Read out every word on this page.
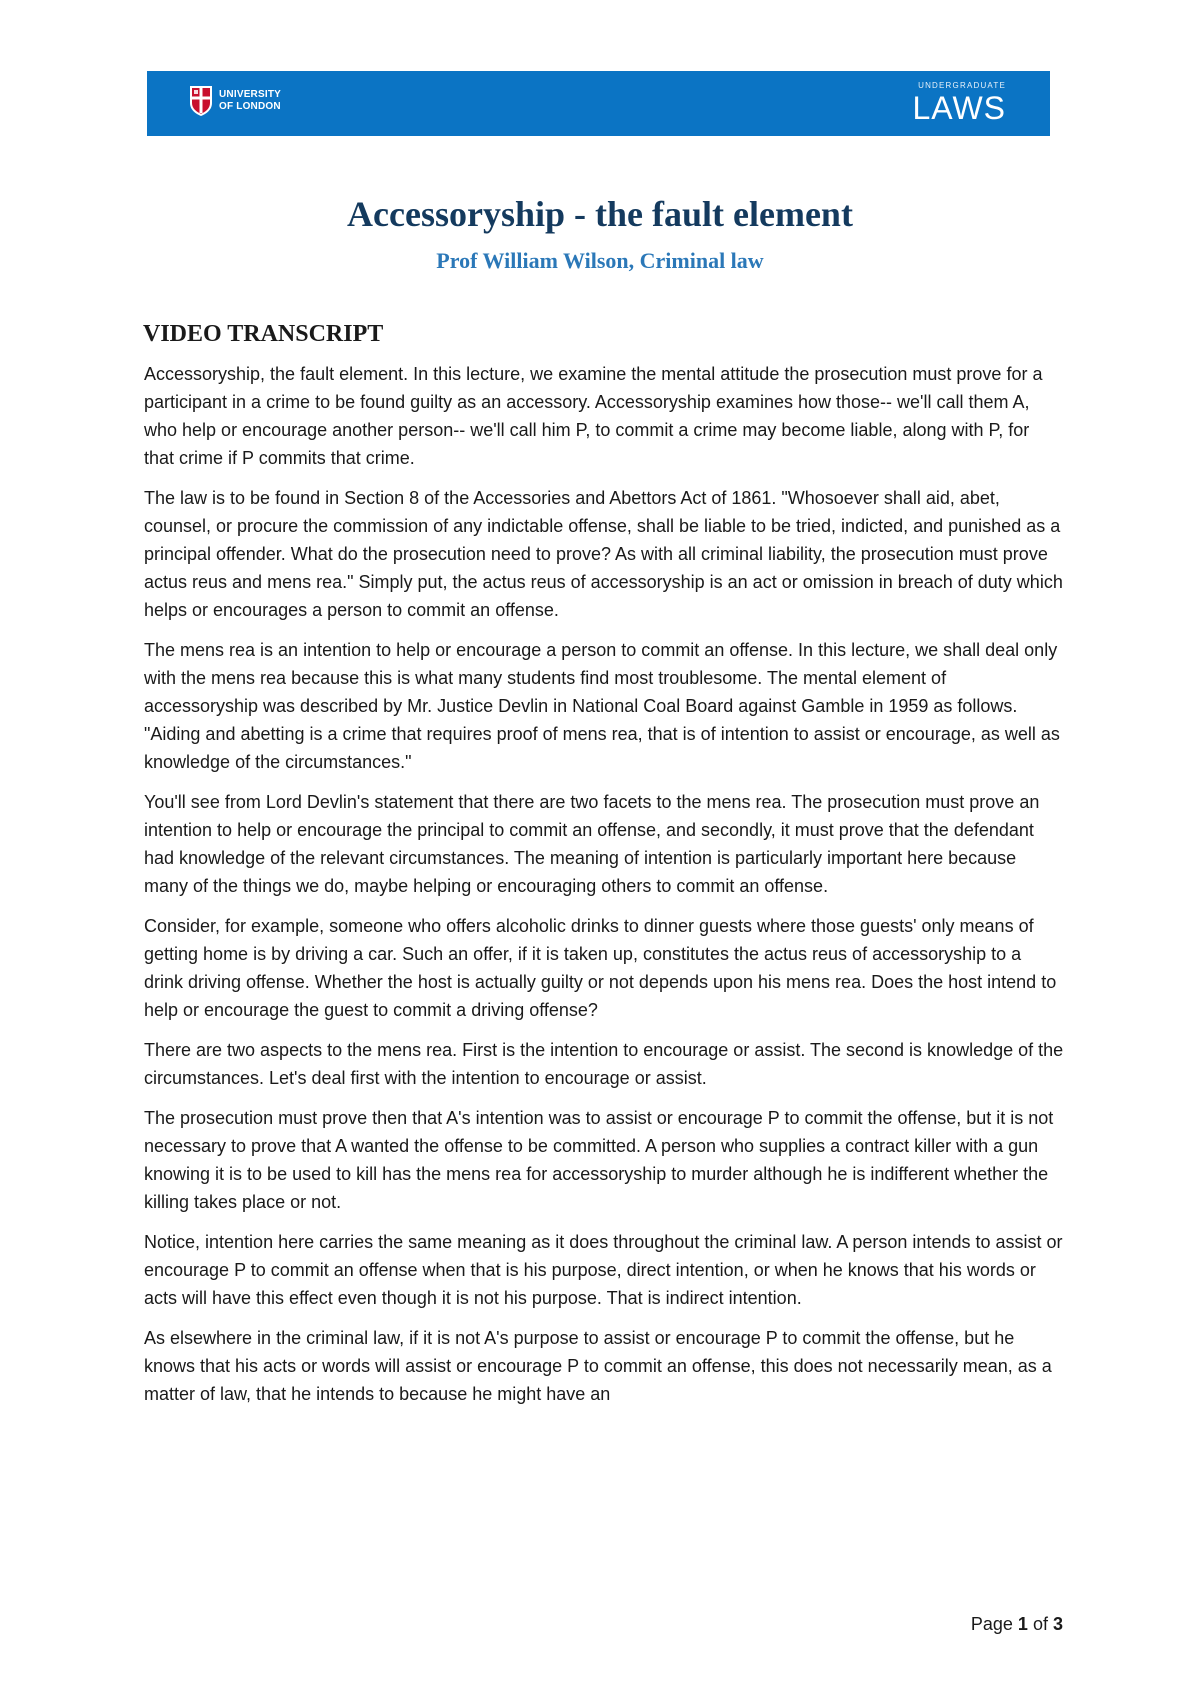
UNIVERSITY
OF LONDON
UNDERGRADUATE
LAWS
Accessoryship - the fault element
Prof William Wilson, Criminal law
VIDEO TRANSCRIPT

Accessoryship, the fault element. In this lecture, we examine the mental attitude the prosecution must prove for a participant in a crime to be found guilty as an accessory. Accessoryship examines how those-- we'll call them A, who help or encourage another person-- we'll call him P, to commit a crime may become liable, along with P, for that crime if P commits that crime.

The law is to be found in Section 8 of the Accessories and Abettors Act of 1861. "Whosoever shall aid, abet, counsel, or procure the commission of any indictable offense, shall be liable to be tried, indicted, and punished as a principal offender. What do the prosecution need to prove? As with all criminal liability, the prosecution must prove actus reus and mens rea." Simply put, the actus reus of accessoryship is an act or omission in breach of duty which helps or encourages a person to commit an offense.

The mens rea is an intention to help or encourage a person to commit an offense. In this lecture, we shall deal only with the mens rea because this is what many students find most troublesome. The mental element of accessoryship was described by Mr. Justice Devlin in National Coal Board against Gamble in 1959 as follows. "Aiding and abetting is a crime that requires proof of mens rea, that is of intention to assist or encourage, as well as knowledge of the circumstances."

You'll see from Lord Devlin's statement that there are two facets to the mens rea. The prosecution must prove an intention to help or encourage the principal to commit an offense, and secondly, it must prove that the defendant had knowledge of the relevant circumstances. The meaning of intention is particularly important here because many of the things we do, maybe helping or encouraging others to commit an offense.

Consider, for example, someone who offers alcoholic drinks to dinner guests where those guests' only means of getting home is by driving a car. Such an offer, if it is taken up, constitutes the actus reus of accessoryship to a drink driving offense. Whether the host is actually guilty or not depends upon his mens rea. Does the host intend to help or encourage the guest to commit a driving offense?

There are two aspects to the mens rea. First is the intention to encourage or assist. The second is knowledge of the circumstances. Let's deal first with the intention to encourage or assist.

The prosecution must prove then that A's intention was to assist or encourage P to commit the offense, but it is not necessary to prove that A wanted the offense to be committed. A person who supplies a contract killer with a gun knowing it is to be used to kill has the mens rea for accessoryship to murder although he is indifferent whether the killing takes place or not.

Notice, intention here carries the same meaning as it does throughout the criminal law. A person intends to assist or encourage P to commit an offense when that is his purpose, direct intention, or when he knows that his words or acts will have this effect even though it is not his purpose. That is indirect intention.

As elsewhere in the criminal law, if it is not A's purpose to assist or encourage P to commit the offense, but he knows that his acts or words will assist or encourage P to commit an offense, this does not necessarily mean, as a matter of law, that he intends to because he might have an

Page 1 of 3
